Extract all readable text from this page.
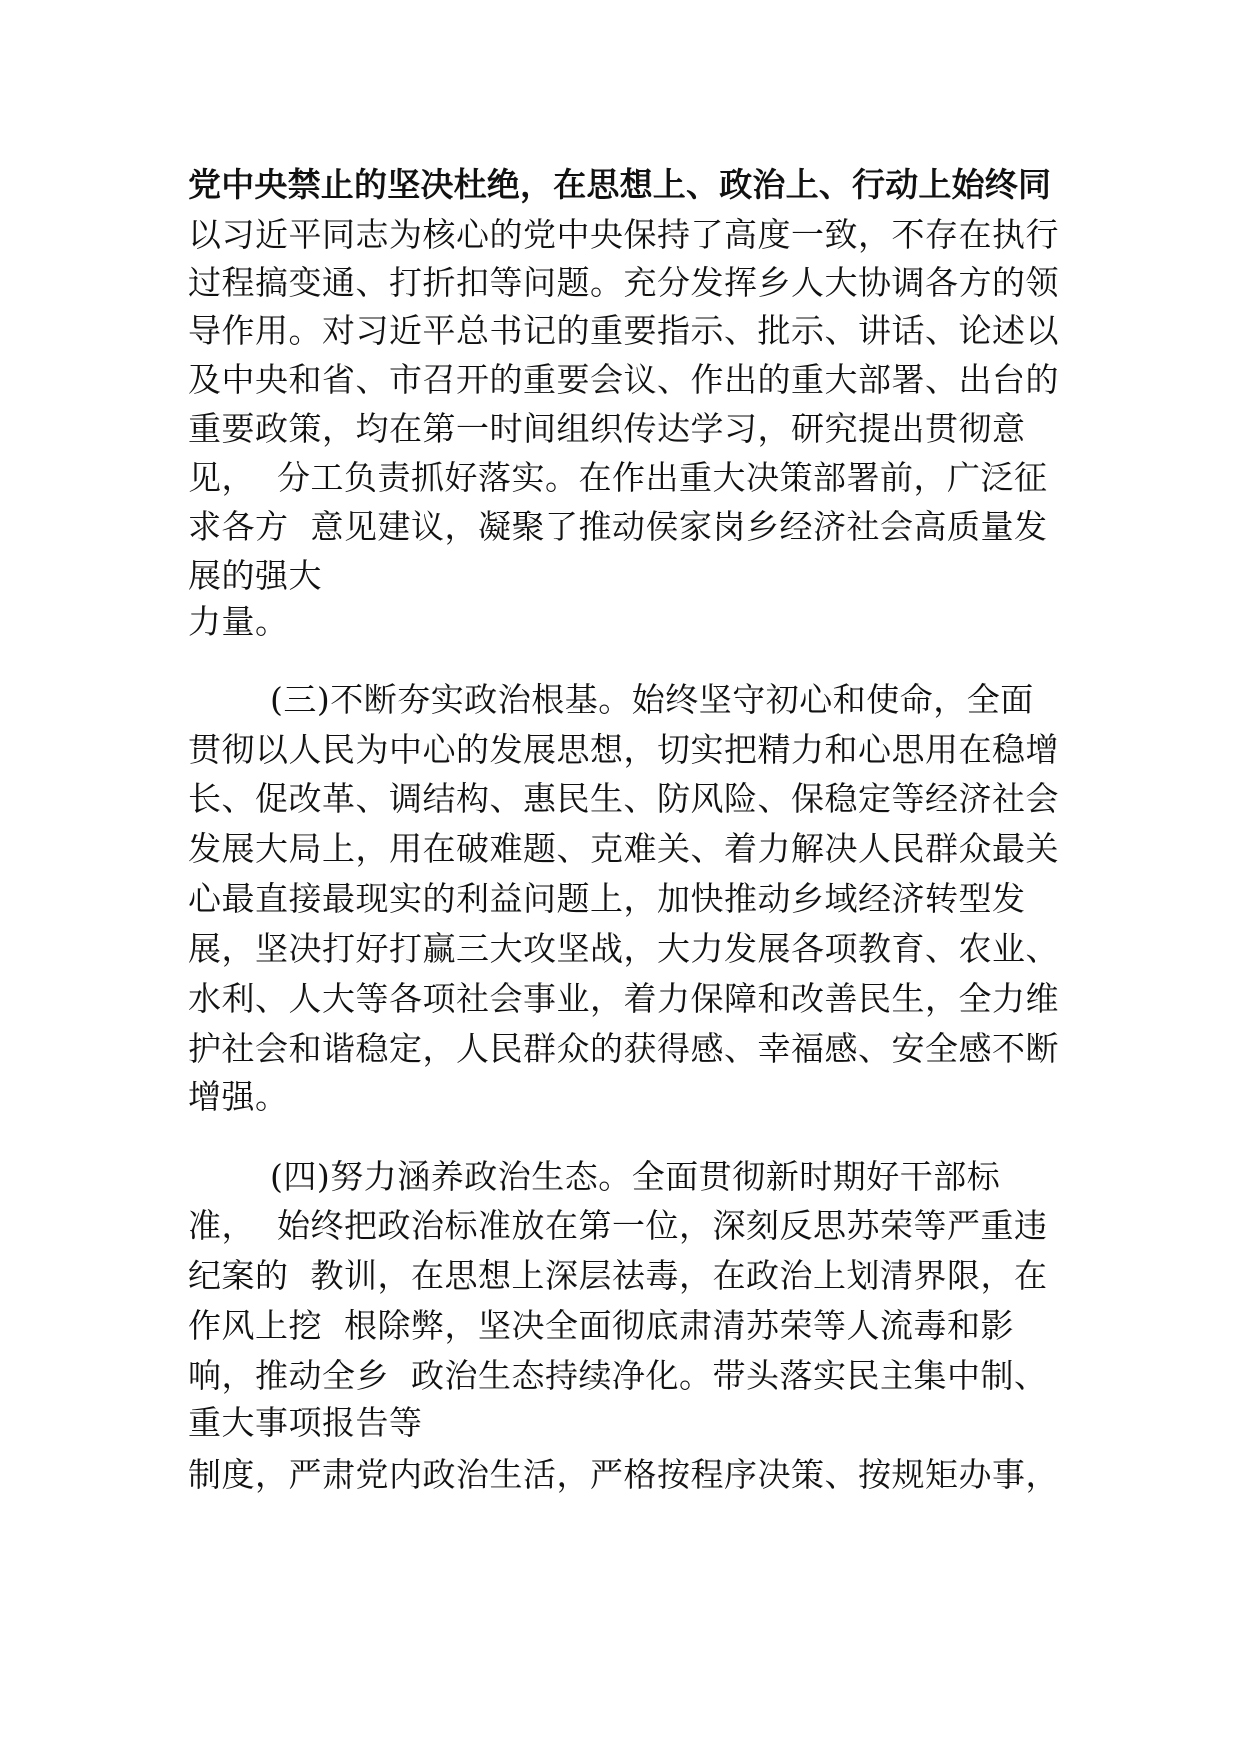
党中央禁止的坚决杜绝，在思想上、政治上、行动上始终同
以习近平同志为核心的党中央保持了高度一致，不存在执行
过程搞变通、打折扣等问题。充分发挥乡人大协调各方的领
导作用。对习近平总书记的重要指示、批示、讲话、论述以
及中央和省、市召开的重要会议、作出的重大部署、出台的
重要政策，均在第一时间组织传达学习，研究提出贯彻意
见，  分工负责抓好落实。在作出重大决策部署前，广泛征
求各方  意见建议，凝聚了推动侯家岗乡经济社会高质量发
展的强大
力量。
(三)不断夯实政治根基。始终坚守初心和使命，全面
贯彻以人民为中心的发展思想，切实把精力和心思用在稳增
长、促改革、调结构、惠民生、防风险、保稳定等经济社会
发展大局上，用在破难题、克难关、着力解决人民群众最关
心最直接最现实的利益问题上，加快推动乡域经济转型发
展，坚决打好打赢三大攻坚战，大力发展各项教育、农业、
水利、人大等各项社会事业，着力保障和改善民生，全力维
护社会和谐稳定，人民群众的获得感、幸福感、安全感不断
增强。
(四)努力涵养政治生态。全面贯彻新时期好干部标
准，  始终把政治标准放在第一位，深刻反思苏荣等严重违
纪案的  教训，在思想上深层祛毒，在政治上划清界限，在
作风上挖  根除弊，坚决全面彻底肃清苏荣等人流毒和影
响，推动全乡  政治生态持续净化。带头落实民主集中制、
重大事项报告等
制度，严肃党内政治生活，严格按程序决策、按规矩办事，
